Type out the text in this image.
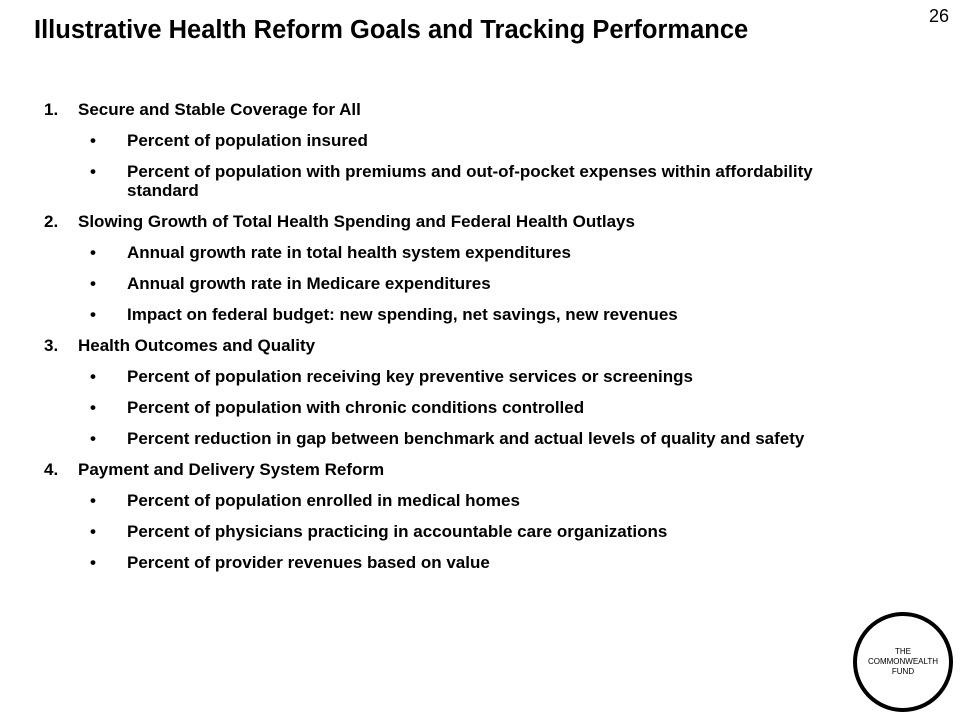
26
Illustrative Health Reform Goals and Tracking Performance
1.	Secure and Stable Coverage for All
•	Percent of population insured
•	Percent of population with premiums and out-of-pocket expenses within affordability standard
2.	Slowing Growth of Total Health Spending and Federal Health Outlays
•	Annual growth rate in total health system expenditures
•	Annual growth rate in Medicare expenditures
•	Impact on federal budget: new spending, net savings, new revenues
3.	Health Outcomes and Quality
•	Percent of population receiving key preventive services or screenings
•	Percent of population with chronic conditions controlled
•	Percent reduction in gap between benchmark and actual levels of quality and safety
4.	Payment and Delivery System Reform
•	Percent of population enrolled in medical homes
•	Percent of physicians practicing in accountable care organizations
•	Percent of provider revenues based on value
THE
COMMONWEALTH
FUND
